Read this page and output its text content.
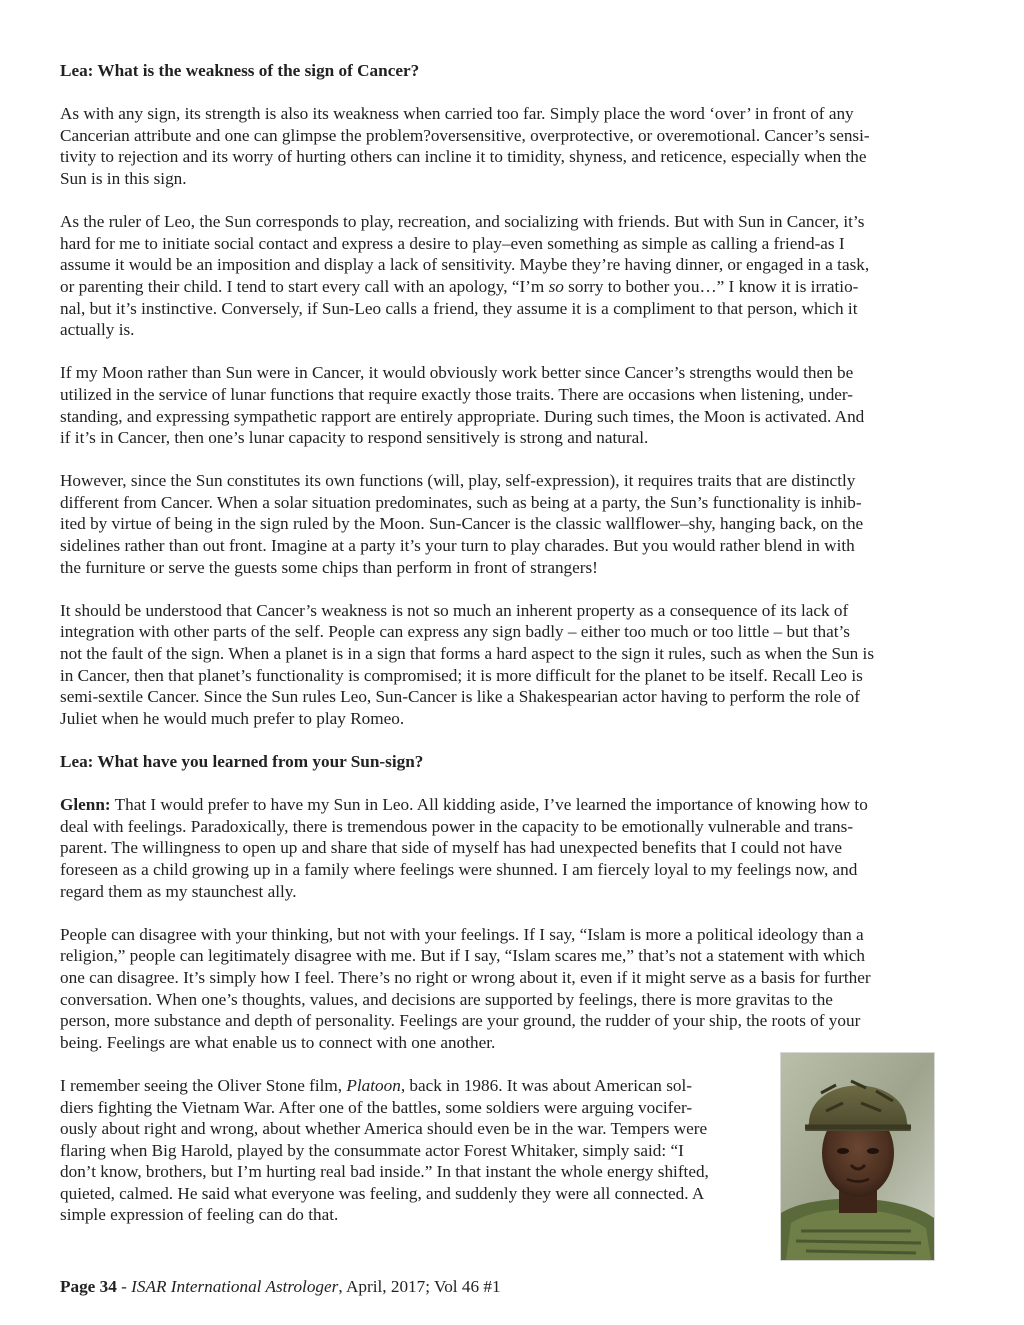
Lea: What is the weakness of the sign of Cancer?
As with any sign, its strength is also its weakness when carried too far. Simply place the word ‘over’ in front of any
Cancerian attribute and one can glimpse the problem?oversensitive, overprotective, or overemotional. Cancer’s sensi-
tivity to rejection and its worry of hurting others can incline it to timidity, shyness, and reticence, especially when the
Sun is in this sign.
As the ruler of Leo, the Sun corresponds to play, recreation, and socializing with friends. But with Sun in Cancer, it’s
hard for me to initiate social contact and express a desire to play–even something as simple as calling a friend-as I
assume it would be an imposition and display a lack of sensitivity. Maybe they’re having dinner, or engaged in a task,
or parenting their child. I tend to start every call with an apology, “I’m so sorry to bother you…” I know it is irratio-
nal, but it’s instinctive. Conversely, if Sun-Leo calls a friend, they assume it is a compliment to that person, which it
actually is.
If my Moon rather than Sun were in Cancer, it would obviously work better since Cancer’s strengths would then be
utilized in the service of lunar functions that require exactly those traits. There are occasions when listening, under-
standing, and expressing sympathetic rapport are entirely appropriate. During such times, the Moon is activated. And
if it’s in Cancer, then one’s lunar capacity to respond sensitively is strong and natural.
However, since the Sun constitutes its own functions (will, play, self-expression), it requires traits that are distinctly
different from Cancer. When a solar situation predominates, such as being at a party, the Sun’s functionality is inhib-
ited by virtue of being in the sign ruled by the Moon. Sun-Cancer is the classic wallflower–shy, hanging back, on the
sidelines rather than out front. Imagine at a party it’s your turn to play charades. But you would rather blend in with
the furniture or serve the guests some chips than perform in front of strangers!
It should be understood that Cancer’s weakness is not so much an inherent property as a consequence of its lack of
integration with other parts of the self. People can express any sign badly – either too much or too little – but that’s
not the fault of the sign. When a planet is in a sign that forms a hard aspect to the sign it rules, such as when the Sun is
in Cancer, then that planet’s functionality is compromised; it is more difficult for the planet to be itself. Recall Leo is
semi-sextile Cancer. Since the Sun rules Leo, Sun-Cancer is like a Shakespearian actor having to perform the role of
Juliet when he would much prefer to play Romeo.
Lea: What have you learned from your Sun-sign?
Glenn: That I would prefer to have my Sun in Leo. All kidding aside, I’ve learned the importance of knowing how to
deal with feelings. Paradoxically, there is tremendous power in the capacity to be emotionally vulnerable and trans-
parent. The willingness to open up and share that side of myself has had unexpected benefits that I could not have
foreseen as a child growing up in a family where feelings were shunned. I am fiercely loyal to my feelings now, and
regard them as my staunchest ally.
People can disagree with your thinking, but not with your feelings. If I say, “Islam is more a political ideology than a
religion,” people can legitimately disagree with me. But if I say, “Islam scares me,” that’s not a statement with which
one can disagree. It’s simply how I feel. There’s no right or wrong about it, even if it might serve as a basis for further
conversation. When one’s thoughts, values, and decisions are supported by feelings, there is more gravitas to the
person, more substance and depth of personality. Feelings are your ground, the rudder of your ship, the roots of your
being. Feelings are what enable us to connect with one another.
I remember seeing the Oliver Stone film, Platoon, back in 1986. It was about American sol-
diers fighting the Vietnam War. After one of the battles, some soldiers were arguing vocifer-
ously about right and wrong, about whether America should even be in the war. Tempers were
flaring when Big Harold, played by the consummate actor Forest Whitaker, simply said: “I
don’t know, brothers, but I’m hurting real bad inside.” In that instant the whole energy shifted,
quieted, calmed. He said what everyone was feeling, and suddenly they were all connected. A
simple expression of feeling can do that.
Page 34 - ISAR International Astrologer, April, 2017; Vol 46 #1
